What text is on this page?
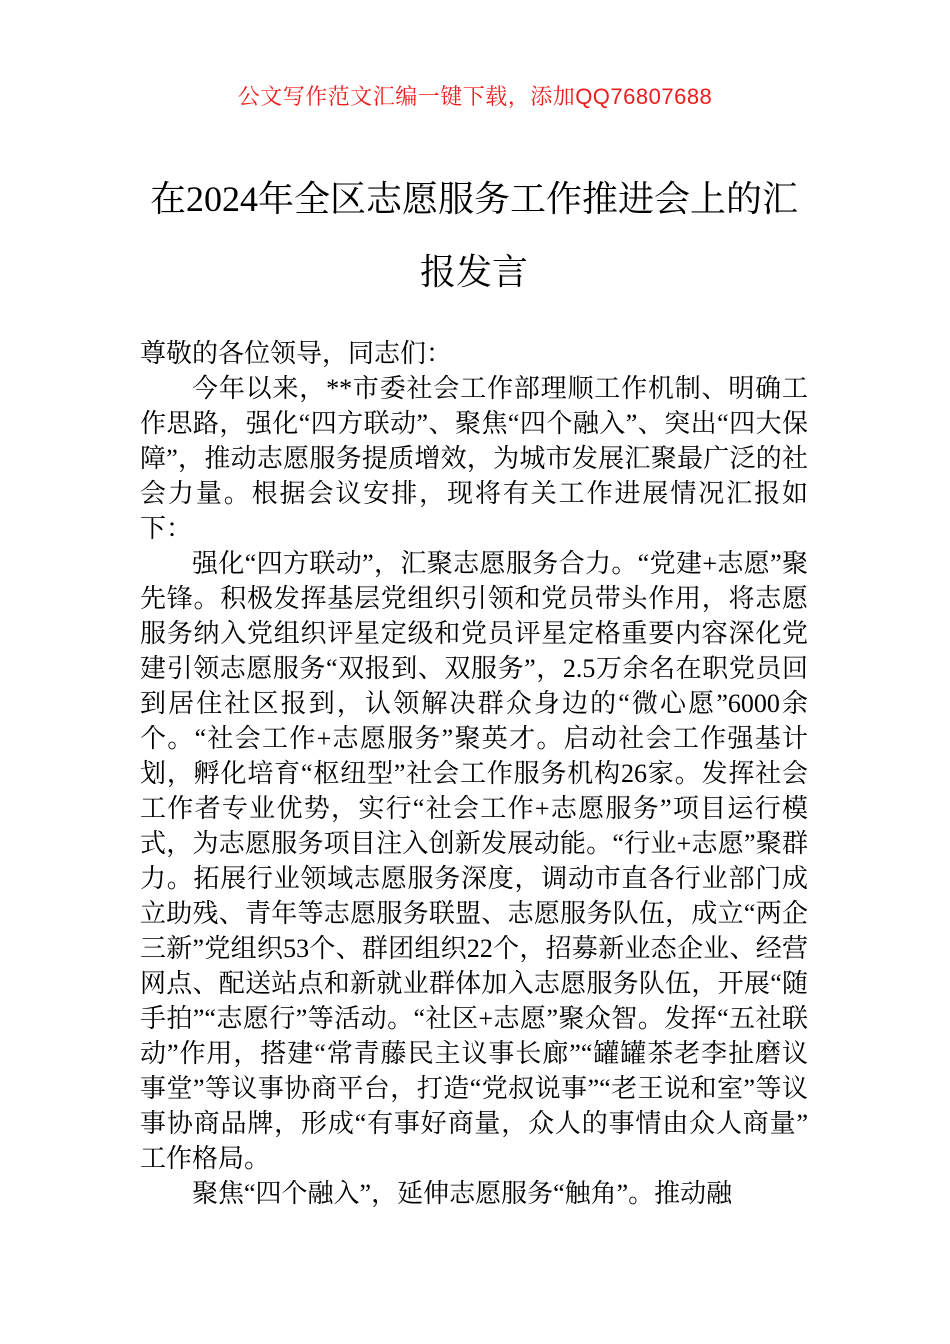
公文写作范文汇编一键下载，添加QQ76807688
在2024年全区志愿服务工作推进会上的汇
报发言

尊敬的各位领导，同志们：

今年以来，**市委社会工作部理顺工作机制、明确工作思路，强化“四方联动”、聚焦“四个融入”、突出“四大保障”，推动志愿服务提质增效，为城市发展汇聚最广泛的社会力量。根据会议安排，现将有关工作进展情况汇报如下：

强化“四方联动”，汇聚志愿服务合力。“党建+志愿”聚先锋。积极发挥基层党组织引领和党员带头作用，将志愿服务纳入党组织评星定级和党员评星定格重要内容深化党建引领志愿服务“双报到、双服务”，2.5万余名在职党员回到居住社区报到，认领解决群众身边的“微心愿”6000余个。“社会工作+志愿服务”聚英才。启动社会工作强基计划，孵化培育“枢纽型”社会工作服务机构26家。发挥社会工作者专业优势，实行“社会工作+志愿服务”项目运行模式，为志愿服务项目注入创新发展动能。“行业+志愿”聚群力。拓展行业领域志愿服务深度，调动市直各行业部门成立助残、青年等志愿服务联盟、志愿服务队伍，成立“两企三新”党组织53个、群团组织22个，招募新业态企业、经营网点、配送站点和新就业群体加入志愿服务队伍，开展“随手拍”“志愿行”等活动。“社区+志愿”聚众智。发挥“五社联动”作用，搭建“常青藤民主议事长廊”“罐罐茶老李扯磨议事堂”等议事协商平台，打造“党叔说事”“老王说和室”等议事协商品牌，形成“有事好商量，众人的事情由众人商量”工作格局。

聚焦“四个融入”，延伸志愿服务“触角”。推动融
